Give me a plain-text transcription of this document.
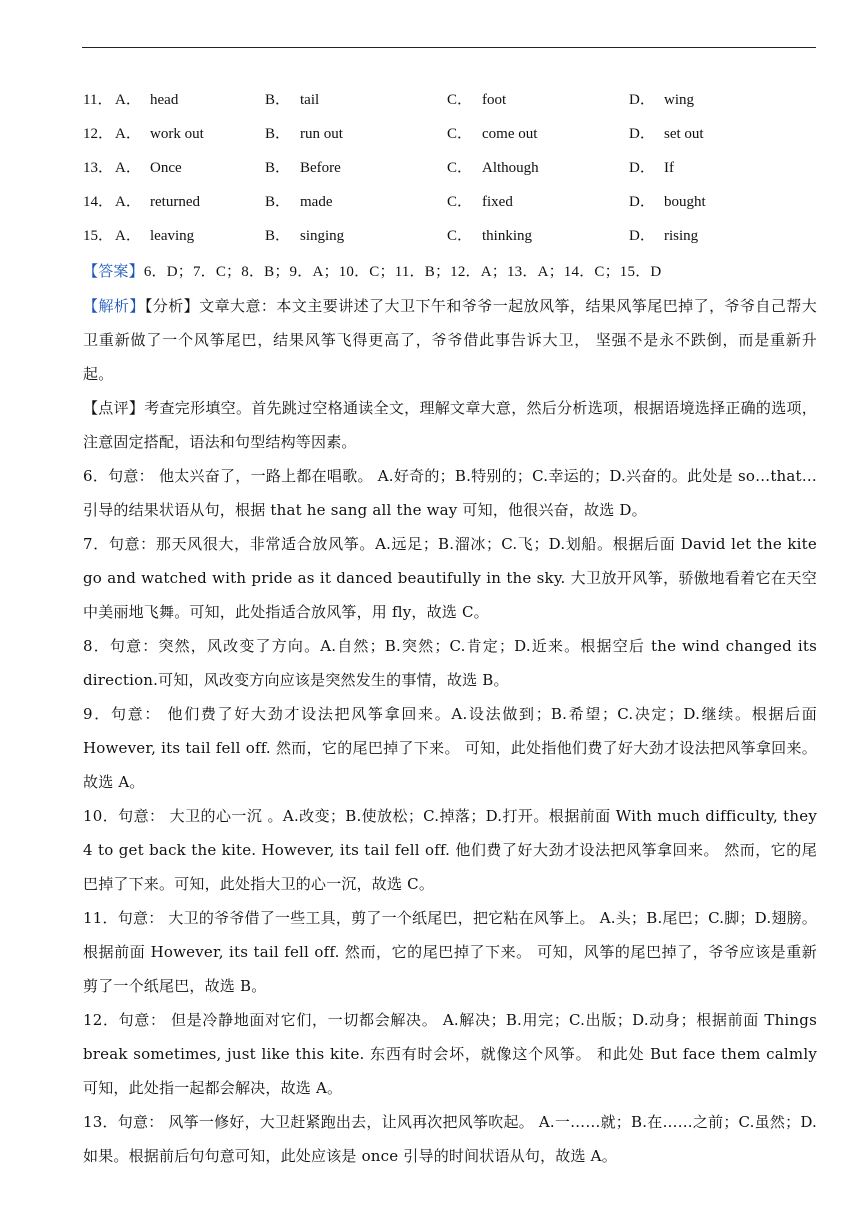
11． A． head	B． tail	C． foot	D． wing
12． A． work out	B． run out	C． come out	D． set out
13． A． Once	B． Before	C． Although	D． If
14． A． returned	B． made	C． fixed	D． bought
15． A． leaving	B． singing	C． thinking	D． rising

【答案】6．D；7．C；8．B；9．A；10．C；11．B；12．A；13．A；14．C；15．D

【解析】【分析】文章大意：本文主要讲述了大卫下午和爷爷一起放风筝，结果风筝尾巴掉了，爷爷自己帮大卫重新做了一个风筝尾巴，结果风筝飞得更高了，爷爷借此事告诉大卫， 坚强不是永不跌倒，而是重新升起。

【点评】考查完形填空。首先跳过空格通读全文，理解文章大意，然后分析选项，根据语境选择正确的选项，注意固定搭配，语法和句型结构等因素。

6．句意： 他太兴奋了，一路上都在唱歌。 A.好奇的；B.特别的；C.幸运的；D.兴奋的。此处是 so…that…引导的结果状语从句，根据 that he sang all the way 可知，他很兴奋，故选 D。

7．句意：那天风很大，非常适合放风筝。A.远足；B.溜冰；C.飞；D.划船。根据后面 David let the kite go and watched with pride as it danced beautifully in the sky. 大卫放开风筝，骄傲地看着它在天空中美丽地飞舞。可知，此处指适合放风筝，用 fly，故选 C。

8．句意：突然，风改变了方向。A.自然；B.突然；C.肯定；D.近来。根据空后 the wind changed its direction.可知，风改变方向应该是突然发生的事情，故选 B。

9．句意： 他们费了好大劲才设法把风筝拿回来。A.设法做到；B.希望；C.决定；D.继续。根据后面 However, its tail fell off. 然而，它的尾巴掉了下来。 可知，此处指他们费了好大劲才设法把风筝拿回来。 故选 A。

10．句意： 大卫的心一沉 。A.改变；B.使放松；C.掉落；D.打开。根据前面 With much difficulty, they 4 to get back the kite. However, its tail fell off. 他们费了好大劲才设法把风筝拿回来。 然而，它的尾巴掉了下来。可知，此处指大卫的心一沉，故选 C。

11．句意： 大卫的爷爷借了一些工具，剪了一个纸尾巴，把它粘在风筝上。 A.头；B.尾巴；C.脚；D.翅膀。根据前面 However, its tail fell off. 然而，它的尾巴掉了下来。 可知，风筝的尾巴掉了，爷爷应该是重新剪了一个纸尾巴，故选 B。

12．句意： 但是冷静地面对它们，一切都会解决。 A.解决；B.用完；C.出版；D.动身；根据前面 Things break sometimes, just like this kite. 东西有时会坏，就像这个风筝。 和此处 But face them calmly 可知，此处指一起都会解决，故选 A。

13．句意： 风筝一修好，大卫赶紧跑出去，让风再次把风筝吹起。 A.一……就；B.在……之前；C.虽然；D.如果。根据前后句句意可知，此处应该是 once 引导的时间状语从句，故选 A。
